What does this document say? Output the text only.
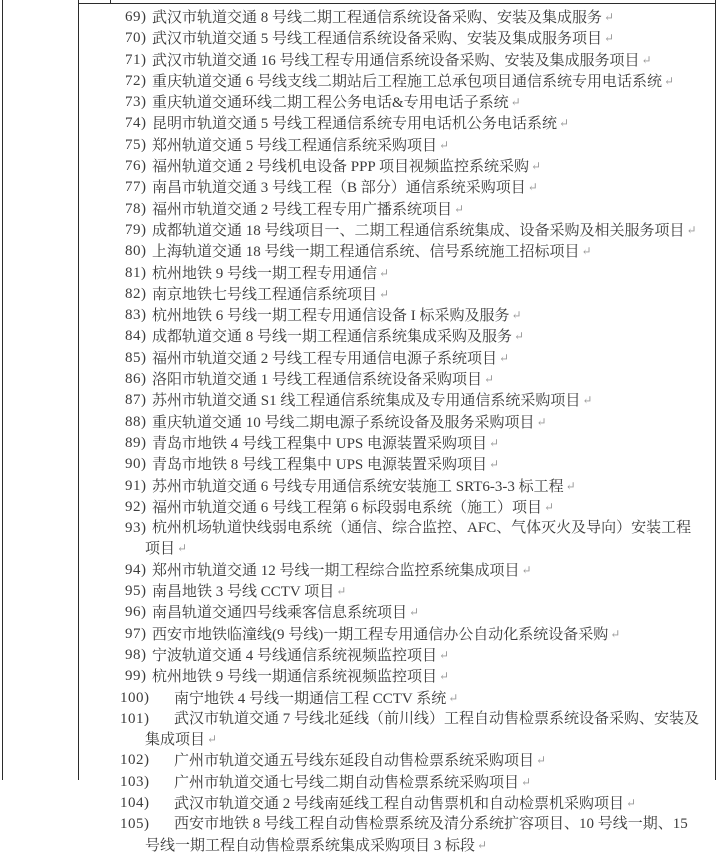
69) 武汉市轨道交通 8 号线二期工程通信系统设备采购、安装及集成服务 ↵
70) 武汉市轨道交通 5 号线工程通信系统设备采购、安装及集成服务项目 ↵
71) 武汉市轨道交通 16 号线工程专用通信系统设备采购、安装及集成服务项目 ↵
72) 重庆轨道交通 6 号线支线二期站后工程施工总承包项目通信系统专用电话系统 ↵
73) 重庆轨道交通环线二期工程公务电话&专用电话子系统 ↵
74) 昆明市轨道交通 5 号线工程通信系统专用电话机公务电话系统 ↵
75) 郑州轨道交通 5 号线工程通信系统采购项目 ↵
76) 福州轨道交通 2 号线机电设备 PPP 项目视频监控系统采购 ↵
77) 南昌市轨道交通 3 号线工程（B 部分）通信系统采购项目 ↵
78) 福州市轨道交通 2 号线工程专用广播系统项目 ↵
79) 成都轨道交通 18 号线项目一、二期工程通信系统集成、设备采购及相关服务项目 ↵
80) 上海轨道交通 18 号线一期工程通信系统、信号系统施工招标项目 ↵
81) 杭州地铁 9 号线一期工程专用通信 ↵
82) 南京地铁七号线工程通信系统项目 ↵
83) 杭州地铁 6 号线一期工程专用通信设备 I 标采购及服务 ↵
84) 成都轨道交通 8 号线一期工程通信系统集成采购及服务 ↵
85) 福州市轨道交通 2 号线工程专用通信电源子系统项目 ↵
86) 洛阳市轨道交通 1 号线工程通信系统设备采购项目 ↵
87) 苏州市轨道交通 S1 线工程通信系统集成及专用通信系统采购项目 ↵
88) 重庆轨道交通 10 号线二期电源子系统设备及服务采购项目 ↵
89) 青岛市地铁 4 号线工程集中 UPS 电源装置采购项目 ↵
90) 青岛市地铁 8 号线工程集中 UPS 电源装置采购项目 ↵
91) 苏州市轨道交通 6 号线专用通信系统安装施工 SRT6-3-3 标工程 ↵
92) 福州市轨道交通 6 号线工程第 6 标段弱电系统（施工）项目 ↵
93) 杭州机场轨道快线弱电系统（通信、综合监控、AFC、气体灭火及导向）安装工程项目 ↵
94) 郑州市轨道交通 12 号线一期工程综合监控系统集成项目 ↵
95) 南昌地铁 3 号线 CCTV 项目 ↵
96) 南昌轨道交通四号线乘客信息系统项目 ↵
97) 西安市地铁临潼线(9 号线)一期工程专用通信办公自动化系统设备采购 ↵
98) 宁波轨道交通 4 号线通信系统视频监控项目 ↵
99) 杭州地铁 9 号线一期通信系统视频监控项目 ↵
100) 南宁地铁 4 号线一期通信工程 CCTV 系统 ↵
101) 武汉市轨道交通 7 号线北延线（前川线）工程自动售检票系统设备采购、安装及集成项目 ↵
102) 广州市轨道交通五号线东延段自动售检票系统采购项目 ↵
103) 广州市轨道交通七号线二期自动售检票系统采购项目 ↵
104) 武汉市轨道交通 2 号线南延线工程自动售票机和自动检票机采购项目 ↵
105) 西安市地铁 8 号线工程自动售检票系统及清分系统扩容项目、10 号线一期、15 号线一期工程自动售检票系统集成采购项目 3 标段 ↵
